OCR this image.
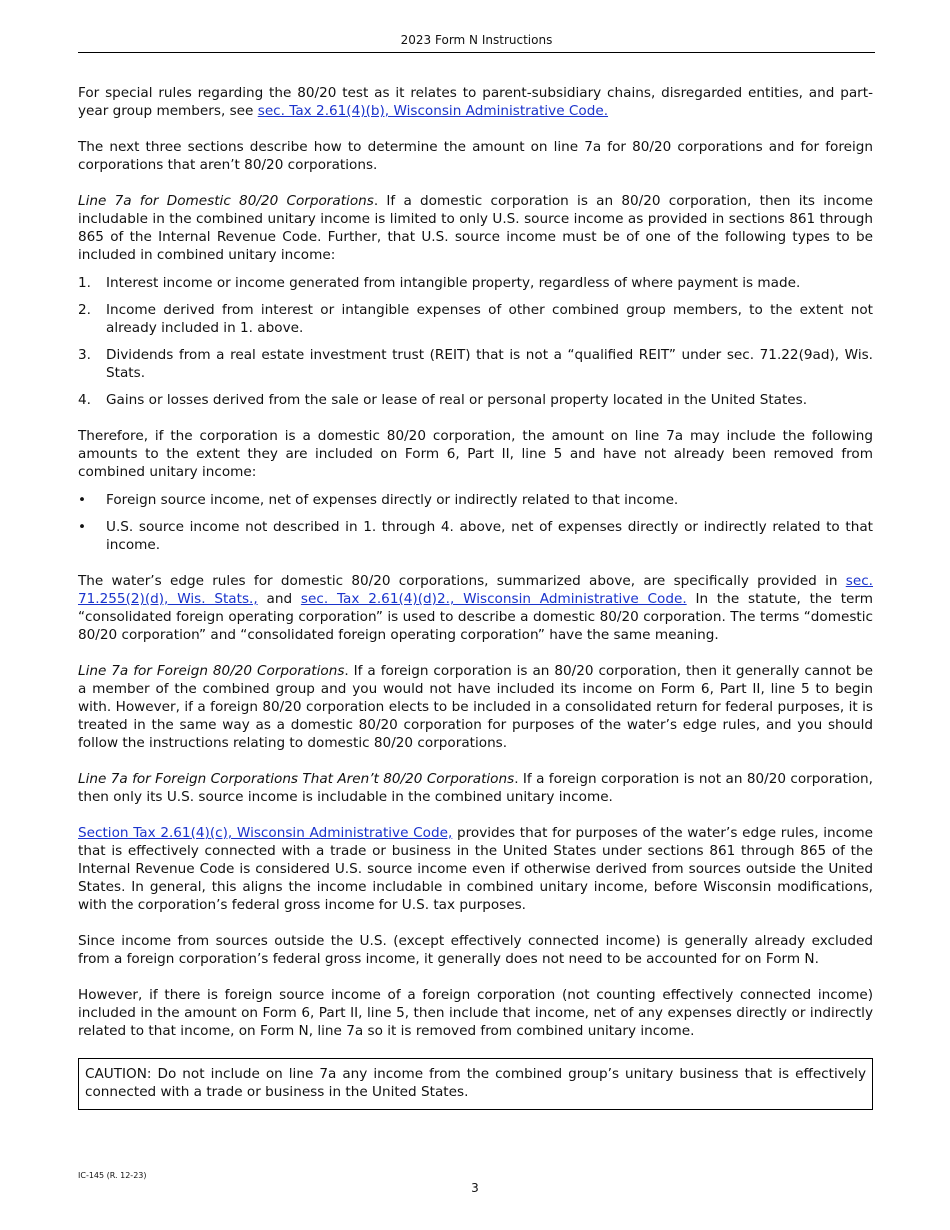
2023 Form N Instructions

For special rules regarding the 80/20 test as it relates to parent-subsidiary chains, disregarded entities, and part-year group members, see sec. Tax 2.61(4)(b), Wisconsin Administrative Code.

The next three sections describe how to determine the amount on line 7a for 80/20 corporations and for foreign corporations that aren’t 80/20 corporations.

Line 7a for Domestic 80/20 Corporations. If a domestic corporation is an 80/20 corporation, then its income includable in the combined unitary income is limited to only U.S. source income as provided in sections 861 through 865 of the Internal Revenue Code. Further, that U.S. source income must be of one of the following types to be included in combined unitary income:

1. Interest income or income generated from intangible property, regardless of where payment is made.
2. Income derived from interest or intangible expenses of other combined group members, to the extent not already included in 1. above.
3. Dividends from a real estate investment trust (REIT) that is not a “qualified REIT” under sec. 71.22(9ad), Wis. Stats.
4. Gains or losses derived from the sale or lease of real or personal property located in the United States.

Therefore, if the corporation is a domestic 80/20 corporation, the amount on line 7a may include the following amounts to the extent they are included on Form 6, Part II, line 5 and have not already been removed from combined unitary income:

• Foreign source income, net of expenses directly or indirectly related to that income.
• U.S. source income not described in 1. through 4. above, net of expenses directly or indirectly related to that income.

The water’s edge rules for domestic 80/20 corporations, summarized above, are specifically provided in sec. 71.255(2)(d), Wis. Stats., and sec. Tax 2.61(4)(d)2., Wisconsin Administrative Code. In the statute, the term “consolidated foreign operating corporation” is used to describe a domestic 80/20 corporation. The terms “domestic 80/20 corporation” and “consolidated foreign operating corporation” have the same meaning.

Line 7a for Foreign 80/20 Corporations. If a foreign corporation is an 80/20 corporation, then it generally cannot be a member of the combined group and you would not have included its income on Form 6, Part II, line 5 to begin with. However, if a foreign 80/20 corporation elects to be included in a consolidated return for federal purposes, it is treated in the same way as a domestic 80/20 corporation for purposes of the water’s edge rules, and you should follow the instructions relating to domestic 80/20 corporations.

Line 7a for Foreign Corporations That Aren’t 80/20 Corporations. If a foreign corporation is not an 80/20 corporation, then only its U.S. source income is includable in the combined unitary income.

Section Tax 2.61(4)(c), Wisconsin Administrative Code, provides that for purposes of the water’s edge rules, income that is effectively connected with a trade or business in the United States under sections 861 through 865 of the Internal Revenue Code is considered U.S. source income even if otherwise derived from sources outside the United States. In general, this aligns the income includable in combined unitary income, before Wisconsin modifications, with the corporation’s federal gross income for U.S. tax purposes.

Since income from sources outside the U.S. (except effectively connected income) is generally already excluded from a foreign corporation’s federal gross income, it generally does not need to be accounted for on Form N.

However, if there is foreign source income of a foreign corporation (not counting effectively connected income) included in the amount on Form 6, Part II, line 5, then include that income, net of any expenses directly or indirectly related to that income, on Form N, line 7a so it is removed from combined unitary income.

CAUTION: Do not include on line 7a any income from the combined group’s unitary business that is effectively connected with a trade or business in the United States.
IC-145 (R. 12-23)
3
